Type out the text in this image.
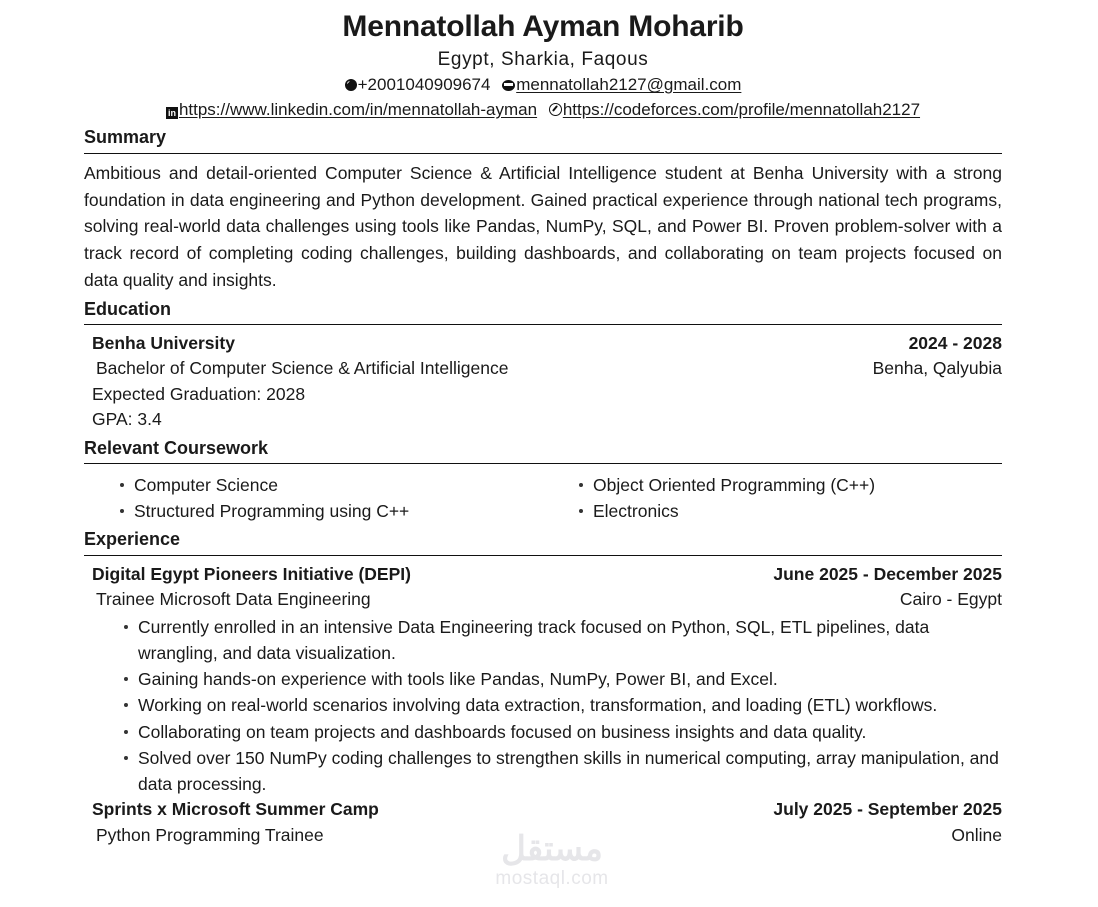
Mennatollah Ayman Moharib
Egypt, Sharkia, Faqous
+2001040909674 mennatollah2127@gmail.com
in https://www.linkedin.com/in/mennatollah-ayman https://codeforces.com/profile/mennatollah2127
Summary

Ambitious and detail-oriented Computer Science & Artificial Intelligence student at Benha University with a strong foundation in data engineering and Python development. Gained practical experience through national tech programs, solving real-world data challenges using tools like Pandas, NumPy, SQL, and Power BI. Proven problem-solver with a track record of completing coding challenges, building dashboards, and collaborating on team projects focused on data quality and insights.

Education
Benha University	2024 - 2028
Bachelor of Computer Science & Artificial Intelligence	Benha, Qalyubia
Expected Graduation: 2028
GPA: 3.4
Relevant Coursework
Computer Science
Structured Programming using C++
Object Oriented Programming (C++)
Electronics
Experience
Digital Egypt Pioneers Initiative (DEPI)	June 2025 - December 2025
Trainee Microsoft Data Engineering	Cairo - Egypt
Currently enrolled in an intensive Data Engineering track focused on Python, SQL, ETL pipelines, data wrangling, and data visualization.
Gaining hands-on experience with tools like Pandas, NumPy, Power BI, and Excel.
Working on real-world scenarios involving data extraction, transformation, and loading (ETL) workflows.
Collaborating on team projects and dashboards focused on business insights and data quality.
Solved over 150 NumPy coding challenges to strengthen skills in numerical computing, array manipulation, and data processing.
Sprints x Microsoft Summer Camp	July 2025 - September 2025
Python Programming Trainee	Online
مستقل
mostaql.com
